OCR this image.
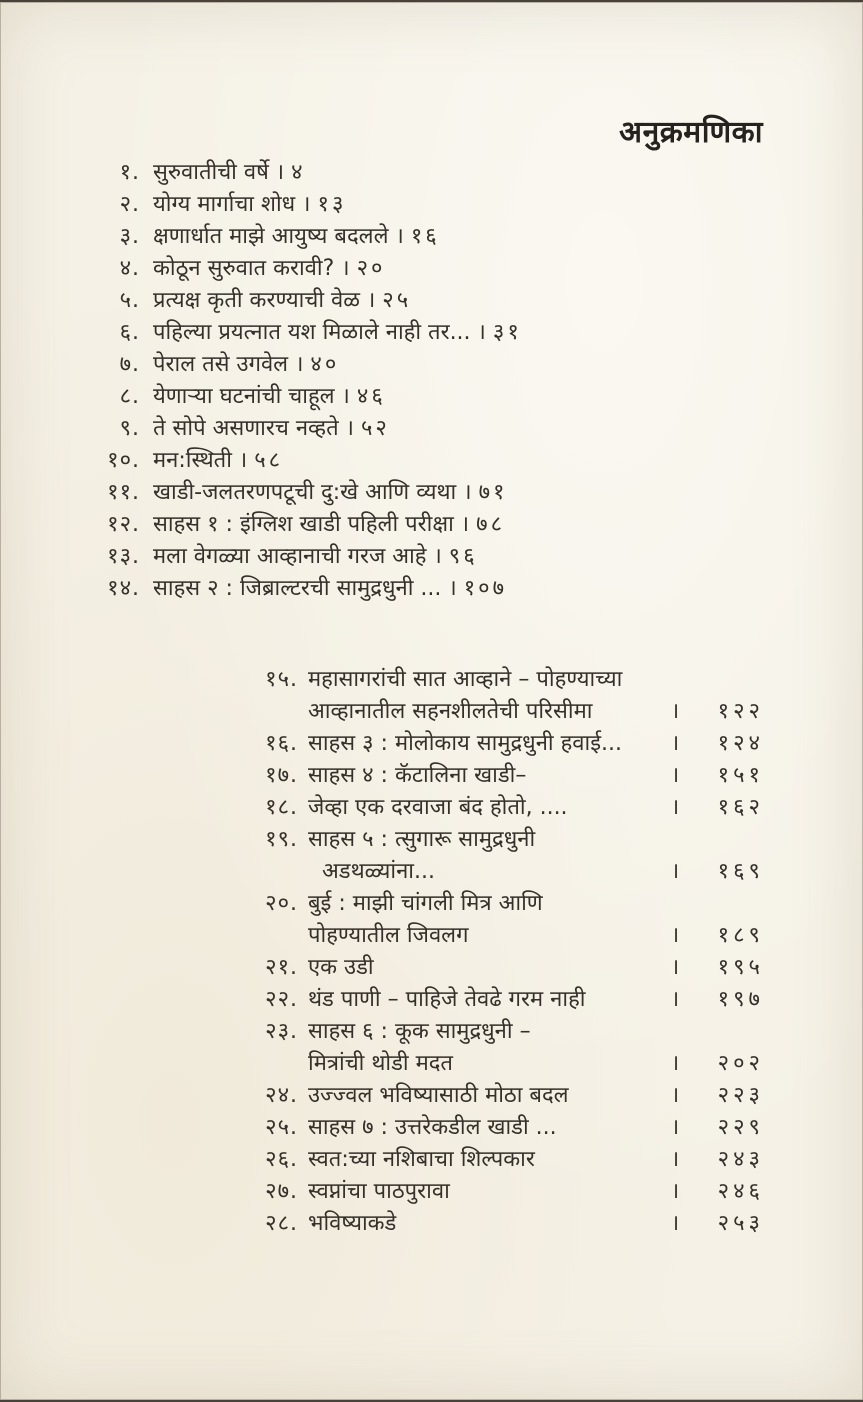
अनुक्रमणिका
१. सुरुवातीची वर्षे । ४
२. योग्य मार्गाचा शोध । १३
३. क्षणार्धात माझे आयुष्य बदलले । १६
४. कोठून सुरुवात करावी? । २०
५. प्रत्यक्ष कृती करण्याची वेळ । २५
६. पहिल्या प्रयत्नात यश मिळाले नाही तर... । ३१
७. पेराल तसे उगवेल । ४०
८. येणाऱ्या घटनांची चाहूल । ४६
९. ते सोपे असणारच नव्हते । ५२
१०. मन:स्थिती । ५८
११. खाडी-जलतरणपटूची दु:खे आणि व्यथा । ७१
१२. साहस १ : इंग्लिश खाडी पहिली परीक्षा । ७८
१३. मला वेगळ्या आव्हानाची गरज आहे । ९६
१४. साहस २ : जिब्राल्टरची सामुद्रधुनी ... । १०७
१५. महासागरांची सात आव्हाने – पोहण्याच्या
आव्हानातील सहनशीलतेची परिसीमा	।	१२२
१६. साहस ३ : मोलोकाय सामुद्रधुनी हवाई...	।	१२४
१७. साहस ४ : कॅटालिना खाडी–	।	१५१
१८. जेव्हा एक दरवाजा बंद होतो, ....	।	१६२
१९. साहस ५ : त्सुगारू सामुद्रधुनी
अडथळ्यांना...	।	१६९
२०. बुई : माझी चांगली मित्र आणि
पोहण्यातील जिवलग	।	१८९
२१. एक उडी	।	१९५
२२. थंड पाणी – पाहिजे तेवढे गरम नाही	।	१९७
२३. साहस ६ : कूक सामुद्रधुनी –
मित्रांची थोडी मदत	।	२०२
२४. उज्ज्वल भविष्यासाठी मोठा बदल	।	२२३
२५. साहस ७ : उत्तरेकडील खाडी ...	।	२२९
२६. स्वत:च्या नशिबाचा शिल्पकार	।	२४३
२७. स्वप्नांचा पाठपुरावा	।	२४६
२८. भविष्याकडे	।	२५३
